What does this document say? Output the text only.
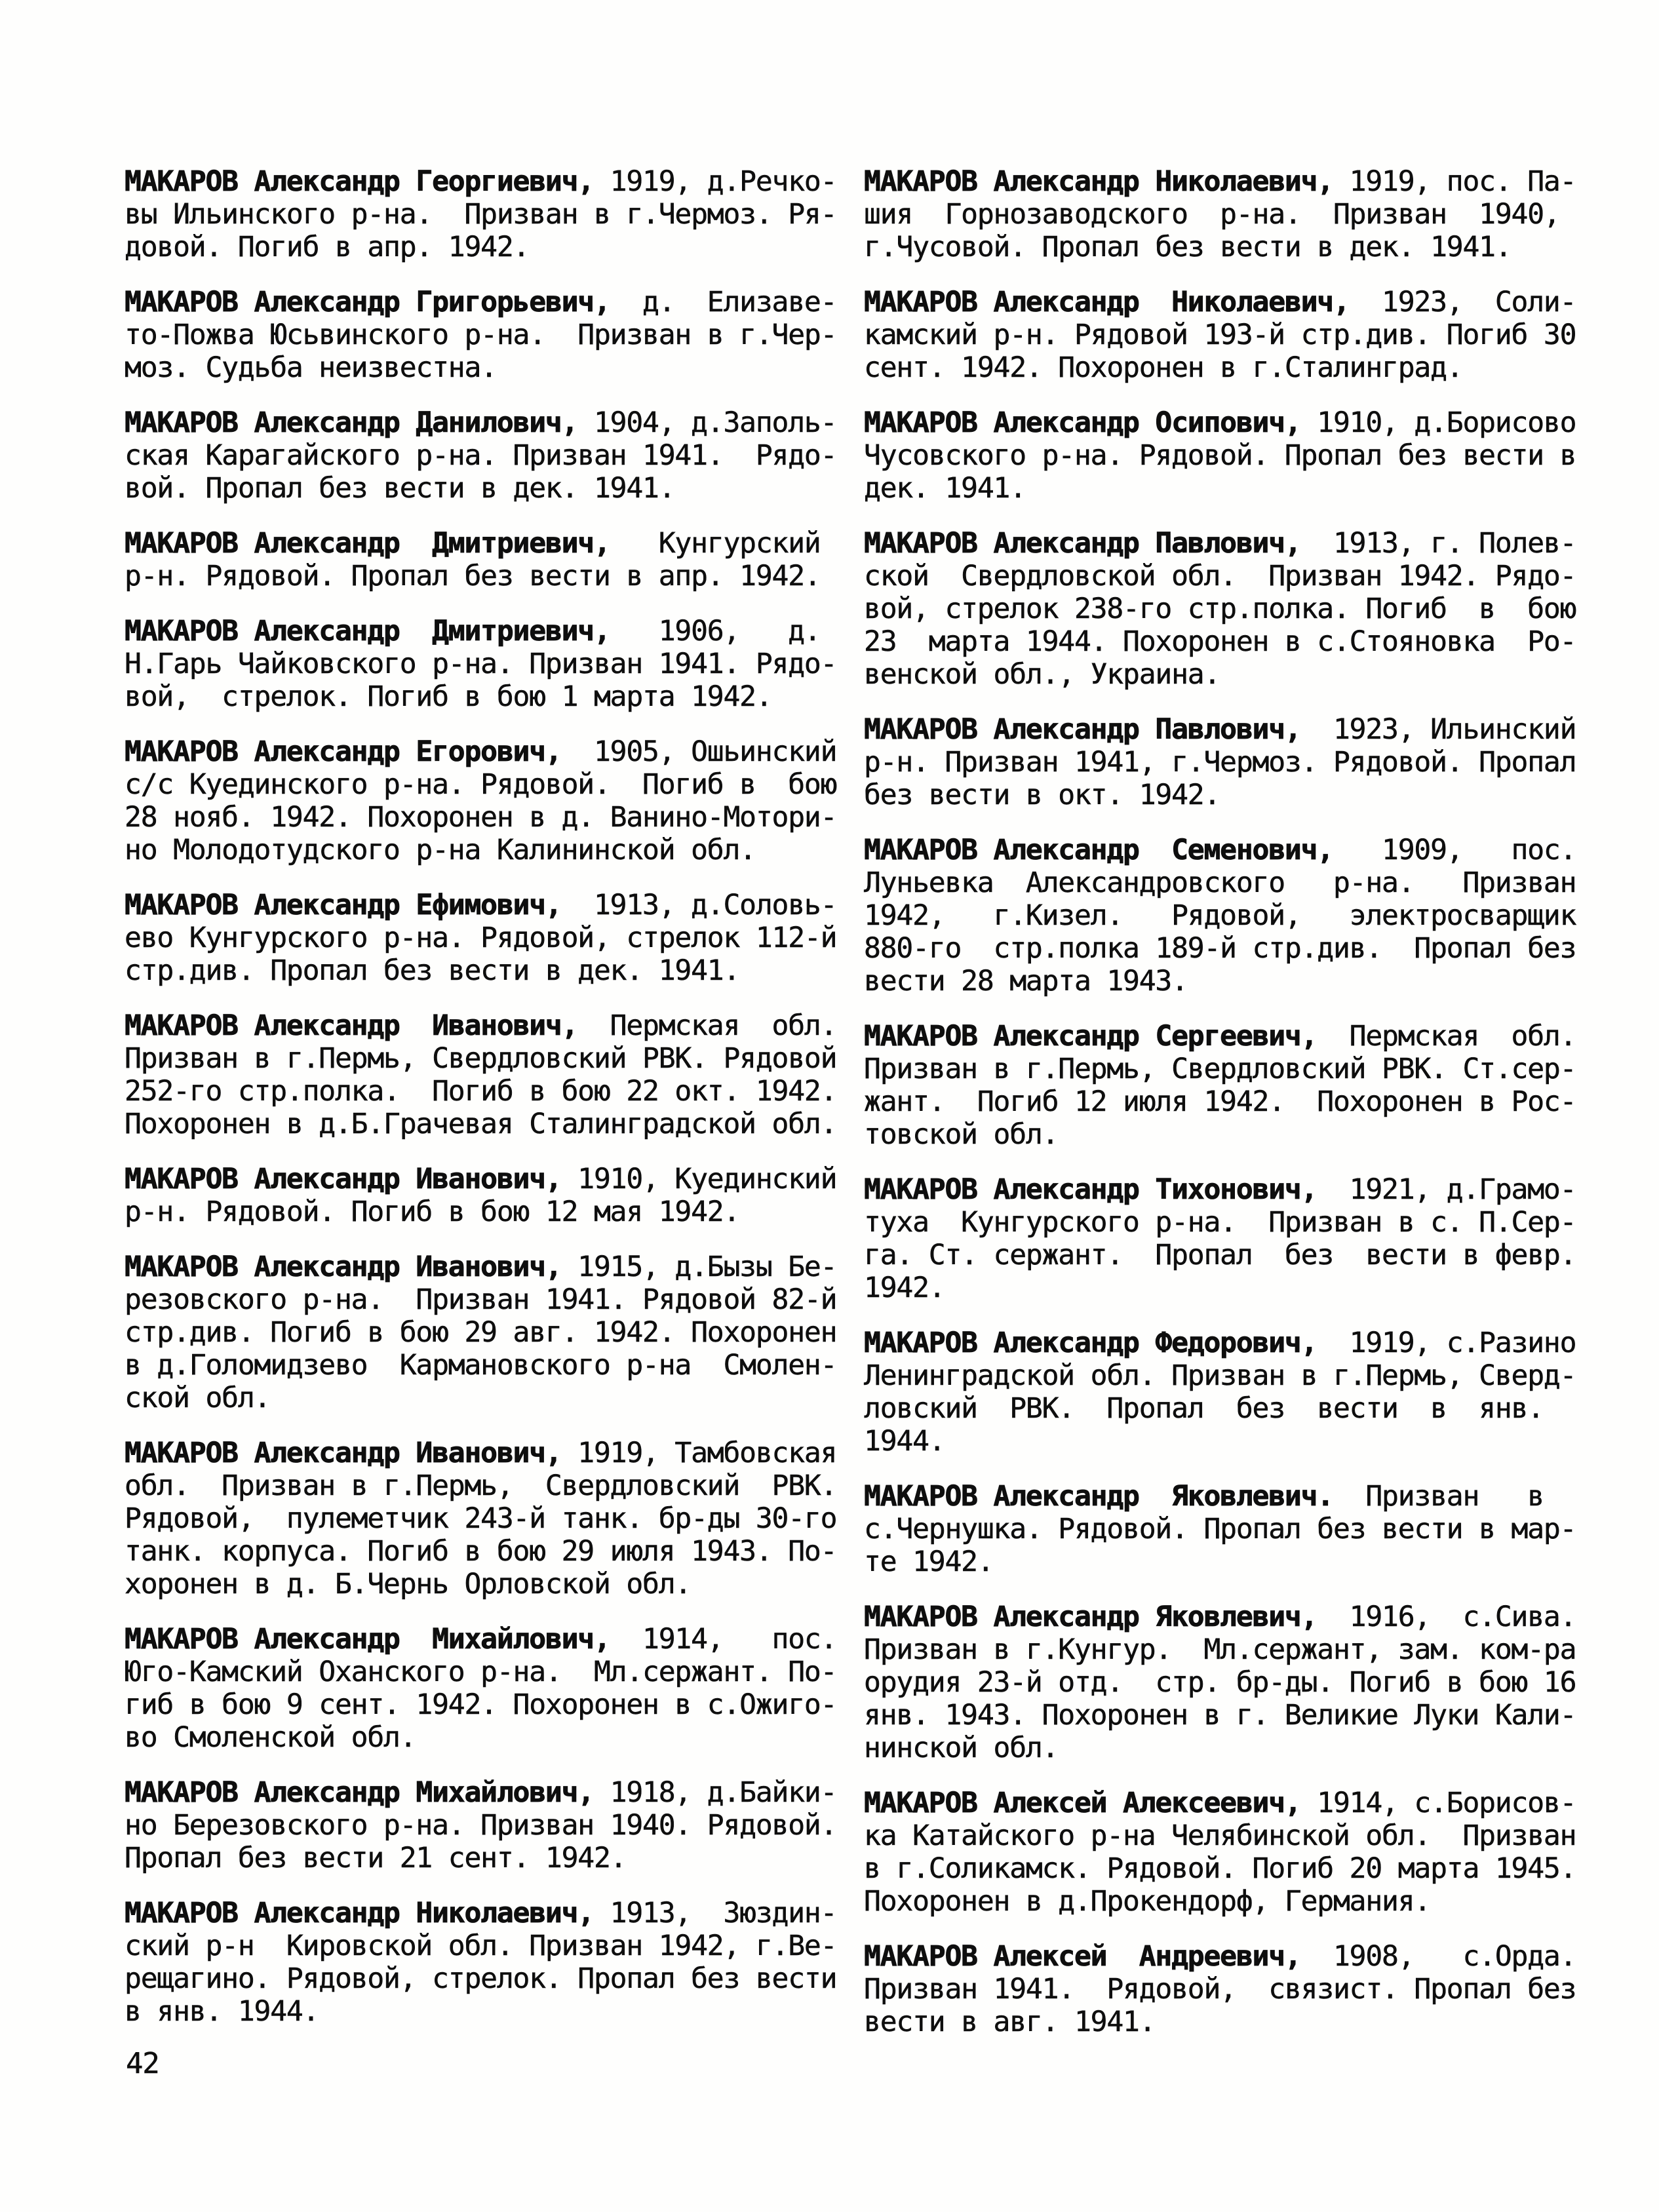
МАКАРОВ Александр Георгиевич, 1919, д.Речко-
вы Ильинского р-на.  Призван в г.Чермоз. Ря-
довой. Погиб в апр. 1942.
МАКАРОВ Александр Григорьевич,  д.  Елизаве-
то-Пожва Юсьвинского р-на.  Призван в г.Чер-
моз. Судьба неизвестна.
МАКАРОВ Александр Данилович, 1904, д.Заполь-
ская Карагайского р-на. Призван 1941.  Рядо-
вой. Пропал без вести в дек. 1941.
МАКАРОВ Александр  Дмитриевич,   Кунгурский
р-н. Рядовой. Пропал без вести в апр. 1942.
МАКАРОВ Александр  Дмитриевич,   1906,   д.
Н.Гарь Чайковского р-на. Призван 1941. Рядо-
вой,  стрелок. Погиб в бою 1 марта 1942.
МАКАРОВ Александр Егорович,  1905, Ошьинский
с/с Куединского р-на. Рядовой.  Погиб в  бою
28 нояб. 1942. Похоронен в д. Ванино-Мотори-
но Молодотудского р-на Калининской обл.
МАКАРОВ Александр Ефимович,  1913, д.Соловь-
ево Кунгурского р-на. Рядовой, стрелок 112-й
стр.див. Пропал без вести в дек. 1941.
МАКАРОВ Александр  Иванович,  Пермская  обл.
Призван в г.Пермь, Свердловский РВК. Рядовой
252-го стр.полка.  Погиб в бою 22 окт. 1942.
Похоронен в д.Б.Грачевая Сталинградской обл.
МАКАРОВ Александр Иванович, 1910, Куединский
р-н. Рядовой. Погиб в бою 12 мая 1942.
МАКАРОВ Александр Иванович, 1915, д.Бызы Бе-
резовского р-на.  Призван 1941. Рядовой 82-й
стр.див. Погиб в бою 29 авг. 1942. Похоронен
в д.Голомидзево  Кармановского р-на  Смолен-
ской обл.
МАКАРОВ Александр Иванович, 1919, Тамбовская
обл.  Призван в г.Пермь,  Свердловский  РВК.
Рядовой,  пулеметчик 243-й танк. бр-ды 30-го
танк. корпуса. Погиб в бою 29 июля 1943. По-
хоронен в д. Б.Чернь Орловской обл.
МАКАРОВ Александр  Михайлович,  1914,   пос.
Юго-Камский Оханского р-на.  Мл.сержант. По-
гиб в бою 9 сент. 1942. Похоронен в с.Ожиго-
во Смоленской обл.
МАКАРОВ Александр Михайлович, 1918, д.Байки-
но Березовского р-на. Призван 1940. Рядовой.
Пропал без вести 21 сент. 1942.
МАКАРОВ Александр Николаевич, 1913,  Зюздин-
ский р-н  Кировской обл. Призван 1942, г.Ве-
рещагино. Рядовой, стрелок. Пропал без вести
в янв. 1944.
МАКАРОВ Александр Николаевич, 1919, пос. Па-
шия  Горнозаводского  р-на.  Призван  1940,
г.Чусовой. Пропал без вести в дек. 1941.
МАКАРОВ Александр  Николаевич,  1923,  Соли-
камский р-н. Рядовой 193-й стр.див. Погиб 30
сент. 1942. Похоронен в г.Сталинград.
МАКАРОВ Александр Осипович, 1910, д.Борисово
Чусовского р-на. Рядовой. Пропал без вести в
дек. 1941.
МАКАРОВ Александр Павлович,  1913, г. Полев-
ской  Свердловской обл.  Призван 1942. Рядо-
вой, стрелок 238-го стр.полка. Погиб  в  бою
23  марта 1944. Похоронен в с.Стояновка  Ро-
венской обл., Украина.
МАКАРОВ Александр Павлович,  1923, Ильинский
р-н. Призван 1941, г.Чермоз. Рядовой. Пропал
без вести в окт. 1942.
МАКАРОВ Александр  Семенович,   1909,   пос.
Луньевка  Александровского   р-на.   Призван
1942,   г.Кизел.   Рядовой,   электросварщик
880-го  стр.полка 189-й стр.див.  Пропал без
вести 28 марта 1943.
МАКАРОВ Александр Сергеевич,  Пермская  обл.
Призван в г.Пермь, Свердловский РВК. Ст.сер-
жант.  Погиб 12 июля 1942.  Похоронен в Рос-
товской обл.
МАКАРОВ Александр Тихонович,  1921, д.Грамо-
туха  Кунгурского р-на.  Призван в с. П.Сер-
га. Ст. сержант.  Пропал  без  вести в февр.
1942.
МАКАРОВ Александр Федорович,  1919, с.Разино
Ленинградской обл. Призван в г.Пермь, Сверд-
ловский  РВК.  Пропал  без  вести  в  янв.
1944.
МАКАРОВ Александр  Яковлевич.  Призван   в
с.Чернушка. Рядовой. Пропал без вести в мар-
те 1942.
МАКАРОВ Александр Яковлевич,  1916,  с.Сива.
Призван в г.Кунгур.  Мл.сержант, зам. ком-ра
орудия 23-й отд.  стр. бр-ды. Погиб в бою 16
янв. 1943. Похоронен в г. Великие Луки Кали-
нинской обл.
МАКАРОВ Алексей Алексеевич, 1914, с.Борисов-
ка Катайского р-на Челябинской обл.  Призван
в г.Соликамск. Рядовой. Погиб 20 марта 1945.
Похоронен в д.Прокендорф, Германия.
МАКАРОВ Алексей  Андреевич,  1908,   с.Орда.
Призван 1941.  Рядовой,  связист. Пропал без
вести в авг. 1941.
42
